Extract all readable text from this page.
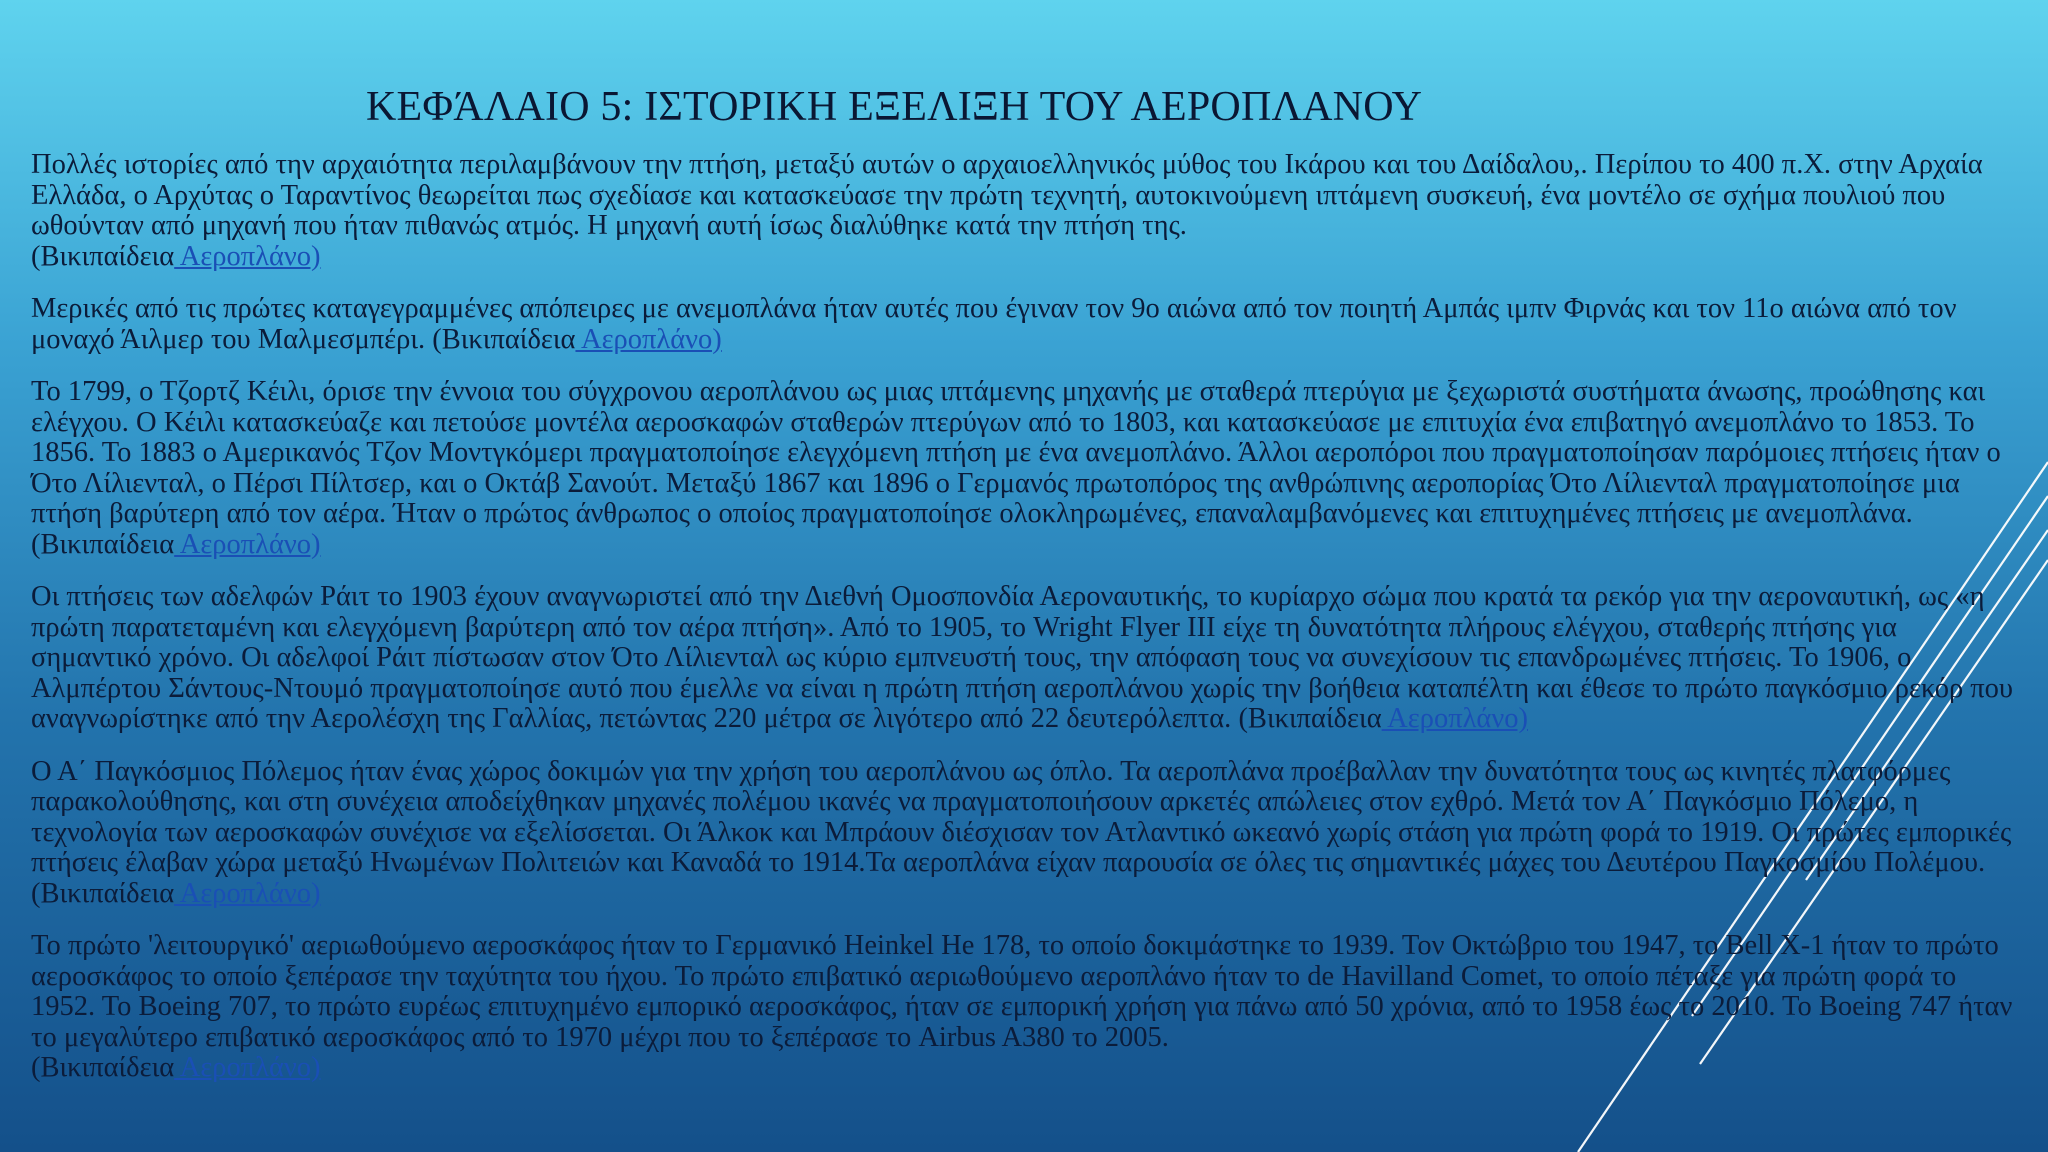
ΚΕΦΆΛΑΙΟ 5: ΙΣΤΟΡΙΚΗ ΕΞΕΛΙΞΗ ΤΟΥ ΑΕΡΟΠΛΑΝΟΥ

Πολλές ιστορίες από την αρχαιότητα περιλαμβάνουν την πτήση, μεταξύ αυτών ο αρχαιοελληνικός μύθος του Ικάρου και του Δαίδαλου,. Περίπου το 400 π.Χ. στην Αρχαία Ελλάδα, ο Αρχύτας ο Ταραντίνος θεωρείται πως σχεδίασε και κατασκεύασε την πρώτη τεχνητή, αυτοκινούμενη ιπτάμενη συσκευή, ένα μοντέλο σε σχήμα πουλιού που ωθούνταν από μηχανή που ήταν πιθανώς ατμός. Η μηχανή αυτή ίσως διαλύθηκε κατά την πτήση της.
(Βικιπαίδεια Αεροπλάνο)

Μερικές από τις πρώτες καταγεγραμμένες απόπειρες με ανεμοπλάνα ήταν αυτές που έγιναν τον 9ο αιώνα από τον ποιητή Αμπάς ιμπν Φιρνάς και τον 11ο αιώνα από τον μοναχό Άιλμερ του Μαλμεσμπέρι. (Βικιπαίδεια Αεροπλάνο)

Το 1799, ο Τζορτζ Κέιλι, όρισε την έννοια του σύγχρονου αεροπλάνου ως μιας ιπτάμενης μηχανής με σταθερά πτερύγια με ξεχωριστά συστήματα άνωσης, προώθησης και ελέγχου. Ο Κέιλι κατασκεύαζε και πετούσε μοντέλα αεροσκαφών σταθερών πτερύγων από το 1803, και κατασκεύασε με επιτυχία ένα επιβατηγό ανεμοπλάνο το 1853. Το 1856. Το 1883 ο Αμερικανός Τζον Μοντγκόμερι πραγματοποίησε ελεγχόμενη πτήση με ένα ανεμοπλάνο. Άλλοι αεροπόροι που πραγματοποίησαν παρόμοιες πτήσεις ήταν ο Ότο Λίλιενταλ, ο Πέρσι Πίλτσερ, και ο Οκτάβ Σανούτ. Μεταξύ 1867 και 1896 ο Γερμανός πρωτοπόρος της ανθρώπινης αεροπορίας Ότο Λίλιενταλ πραγματοποίησε μια πτήση βαρύτερη από τον αέρα. Ήταν ο πρώτος άνθρωπος ο οποίος πραγματοποίησε ολοκληρωμένες, επαναλαμβανόμενες και επιτυχημένες πτήσεις με ανεμοπλάνα. (Βικιπαίδεια Αεροπλάνο)

Οι πτήσεις των αδελφών Ράιτ το 1903 έχουν αναγνωριστεί από την Διεθνή Ομοσπονδία Αεροναυτικής, το κυρίαρχο σώμα που κρατά τα ρεκόρ για την αεροναυτική, ως «η πρώτη παρατεταμένη και ελεγχόμενη βαρύτερη από τον αέρα πτήση». Από το 1905, το Wright Flyer III είχε τη δυνατότητα πλήρους ελέγχου, σταθερής πτήσης για σημαντικό χρόνο. Οι αδελφοί Ράιτ πίστωσαν στον Ότο Λίλιενταλ ως κύριο εμπνευστή τους, την απόφαση τους να συνεχίσουν τις επανδρωμένες πτήσεις. Το 1906, ο Αλμπέρτου Σάντους-Ντουμό πραγματοποίησε αυτό που έμελλε να είναι η πρώτη πτήση αεροπλάνου χωρίς την βοήθεια καταπέλτη και έθεσε το πρώτο παγκόσμιο ρεκόρ που αναγνωρίστηκε από την Αερολέσχη της Γαλλίας, πετώντας 220 μέτρα σε λιγότερο από 22 δευτερόλεπτα. (Βικιπαίδεια Αεροπλάνο)

Ο Α΄ Παγκόσμιος Πόλεμος ήταν ένας χώρος δοκιμών για την χρήση του αεροπλάνου ως όπλο. Τα αεροπλάνα προέβαλλαν την δυνατότητα τους ως κινητές πλατφόρμες παρακολούθησης, και στη συνέχεια αποδείχθηκαν μηχανές πολέμου ικανές να πραγματοποιήσουν αρκετές απώλειες στον εχθρό. Μετά τον Α΄ Παγκόσμιο Πόλεμο, η τεχνολογία των αεροσκαφών συνέχισε να εξελίσσεται. Οι Άλκοκ και Μπράουν διέσχισαν τον Ατλαντικό ωκεανό χωρίς στάση για πρώτη φορά το 1919. Οι πρώτες εμπορικές πτήσεις έλαβαν χώρα μεταξύ Ηνωμένων Πολιτειών και Καναδά το 1914.Τα αεροπλάνα είχαν παρουσία σε όλες τις σημαντικές μάχες του Δευτέρου Παγκοσμίου Πολέμου. (Βικιπαίδεια Αεροπλάνο)

Το πρώτο 'λειτουργικό' αεριωθούμενο αεροσκάφος ήταν το Γερμανικό Heinkel He 178, το οποίο δοκιμάστηκε το 1939. Τον Οκτώβριο του 1947, το Bell X-1 ήταν το πρώτο αεροσκάφος το οποίο ξεπέρασε την ταχύτητα του ήχου. Το πρώτο επιβατικό αεριωθούμενο αεροπλάνο ήταν το de Havilland Comet, το οποίο πέταξε για πρώτη φορά το 1952. Το Boeing 707, το πρώτο ευρέως επιτυχημένο εμπορικό αεροσκάφος, ήταν σε εμπορική χρήση για πάνω από 50 χρόνια, από το 1958 έως το 2010. Το Boeing 747 ήταν το μεγαλύτερο επιβατικό αεροσκάφος από το 1970 μέχρι που το ξεπέρασε το Airbus A380 το 2005.
(Βικιπαίδεια Αεροπλάνο)
